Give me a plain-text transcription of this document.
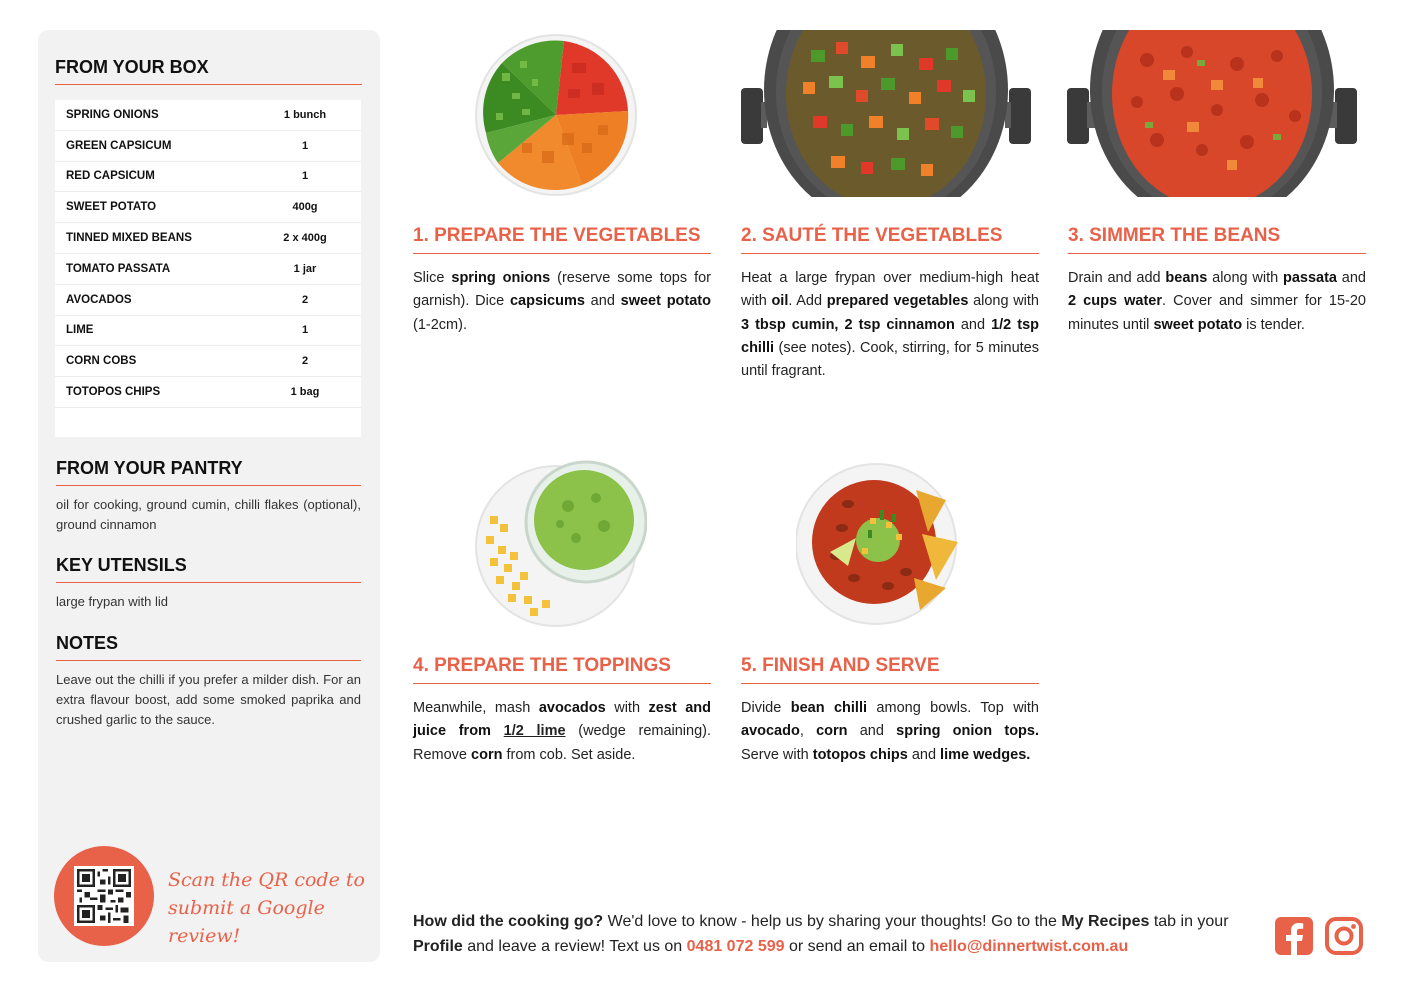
FROM YOUR BOX
SPRING ONIONS	1 bunch
GREEN CAPSICUM	1
RED CAPSICUM	1
SWEET POTATO	400g
TINNED MIXED BEANS	2 x 400g
TOMATO PASSATA	1 jar
AVOCADOS	2
LIME	1
CORN COBS	2
TOTOPOS CHIPS	1 bag
FROM YOUR PANTRY
oil for cooking, ground cumin, chilli flakes (optional), ground cinnamon
KEY UTENSILS
large frypan with lid
NOTES
Leave out the chilli if you prefer a milder dish. For an extra flavour boost, add some smoked paprika and crushed garlic to the sauce.
Scan the QR code to
submit a Google review!
1. PREPARE THE VEGETABLES
Slice spring onions (reserve some tops for garnish). Dice capsicums and sweet potato (1-2cm).
2. SAUTÉ THE VEGETABLES
Heat a large frypan over medium-high heat with oil. Add prepared vegetables along with 3 tbsp cumin, 2 tsp cinnamon and 1/2 tsp chilli (see notes). Cook, stirring, for 5 minutes until fragrant.
3. SIMMER THE BEANS
Drain and add beans along with passata and 2 cups water. Cover and simmer for 15-20 minutes until sweet potato is tender.
4. PREPARE THE TOPPINGS
Meanwhile, mash avocados with zest and juice from 1/2 lime (wedge remaining). Remove corn from cob. Set aside.
5. FINISH AND SERVE
Divide bean chilli among bowls. Top with avocado, corn and spring onion tops. Serve with totopos chips and lime wedges.
How did the cooking go? We'd love to know - help us by sharing your thoughts! Go to the My Recipes tab in your Profile and leave a review! Text us on 0481 072 599 or send an email to hello@dinnertwist.com.au
